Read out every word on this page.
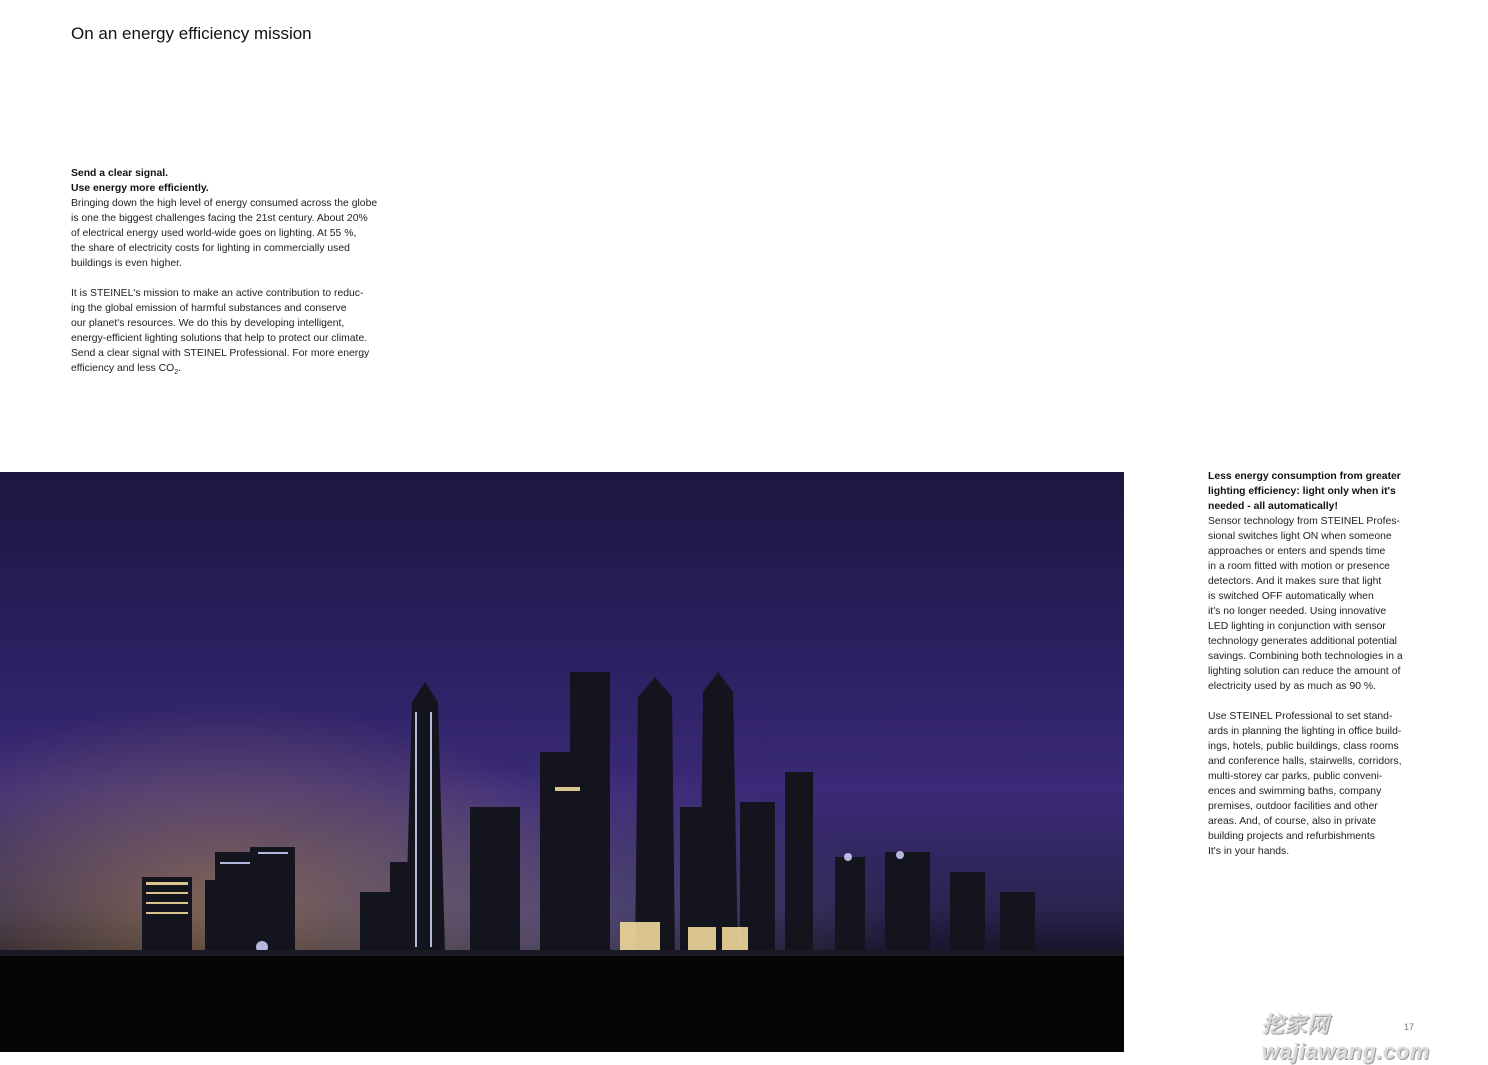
On an energy efficiency mission
Send a clear signal.
Use energy more efficiently.
Bringing down the high level of energy consumed across the globe
is one the biggest challenges facing the 21st century. About 20%
of electrical energy used world-wide goes on lighting. At 55 %,
the share of electricity costs for lighting in commercially used
buildings is even higher.
It is STEINEL's mission to make an active contribution to reduc-
ing the global emission of harmful substances and conserve
our planet's resources. We do this by developing intelligent,
energy-efficient lighting solutions that help to protect our climate.
Send a clear signal with STEINEL Professional. For more energy
efficiency and less $CO_2$.
Less energy consumption from greater
lighting efficiency: light only when it's
needed - all automatically!
Sensor technology from STEINEL Profes-
sional switches light ON when someone
approaches or enters and spends time
in a room fitted with motion or presence
detectors. And it makes sure that light
is switched OFF automatically when
it's no longer needed. Using innovative
LED lighting in conjunction with sensor
technology generates additional potential
savings. Combining both technologies in a
lighting solution can reduce the amount of
electricity used by as much as 90 %.
Use STEINEL Professional to set stand-
ards in planning the lighting in office build-
ings, hotels, public buildings, class rooms
and conference halls, stairwells, corridors,
multi-storey car parks, public conveni-
ences and swimming baths, company
premises, outdoor facilities and other
areas. And, of course, also in private
building projects and refurbishments
It's in your hands.
挖家网 wajiawang.com
17
